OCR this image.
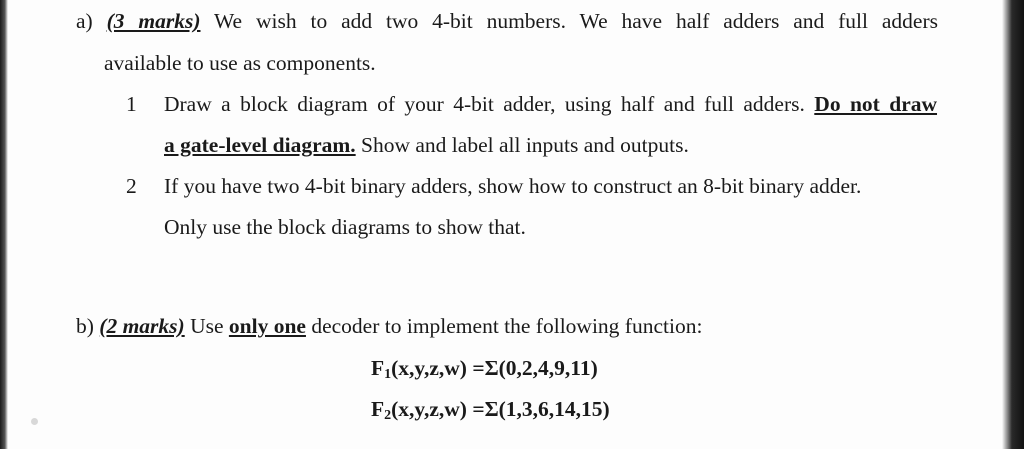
a) (3 marks) We wish to add two 4-bit numbers. We have half adders and full adders
available to use as components.
1 Draw a block diagram of your 4-bit adder, using half and full adders. Do not draw
a gate-level diagram. Show and label all inputs and outputs.
2 If you have two 4-bit binary adders, show how to construct an 8-bit binary adder.
Only use the block diagrams to show that.
b) (2 marks) Use only one decoder to implement the following function:
$F_1(x,y,z,w) =\Sigma(0,2,4,9,11)$
$F_2(x,y,z,w) =\Sigma(1,3,6,14,15)$
